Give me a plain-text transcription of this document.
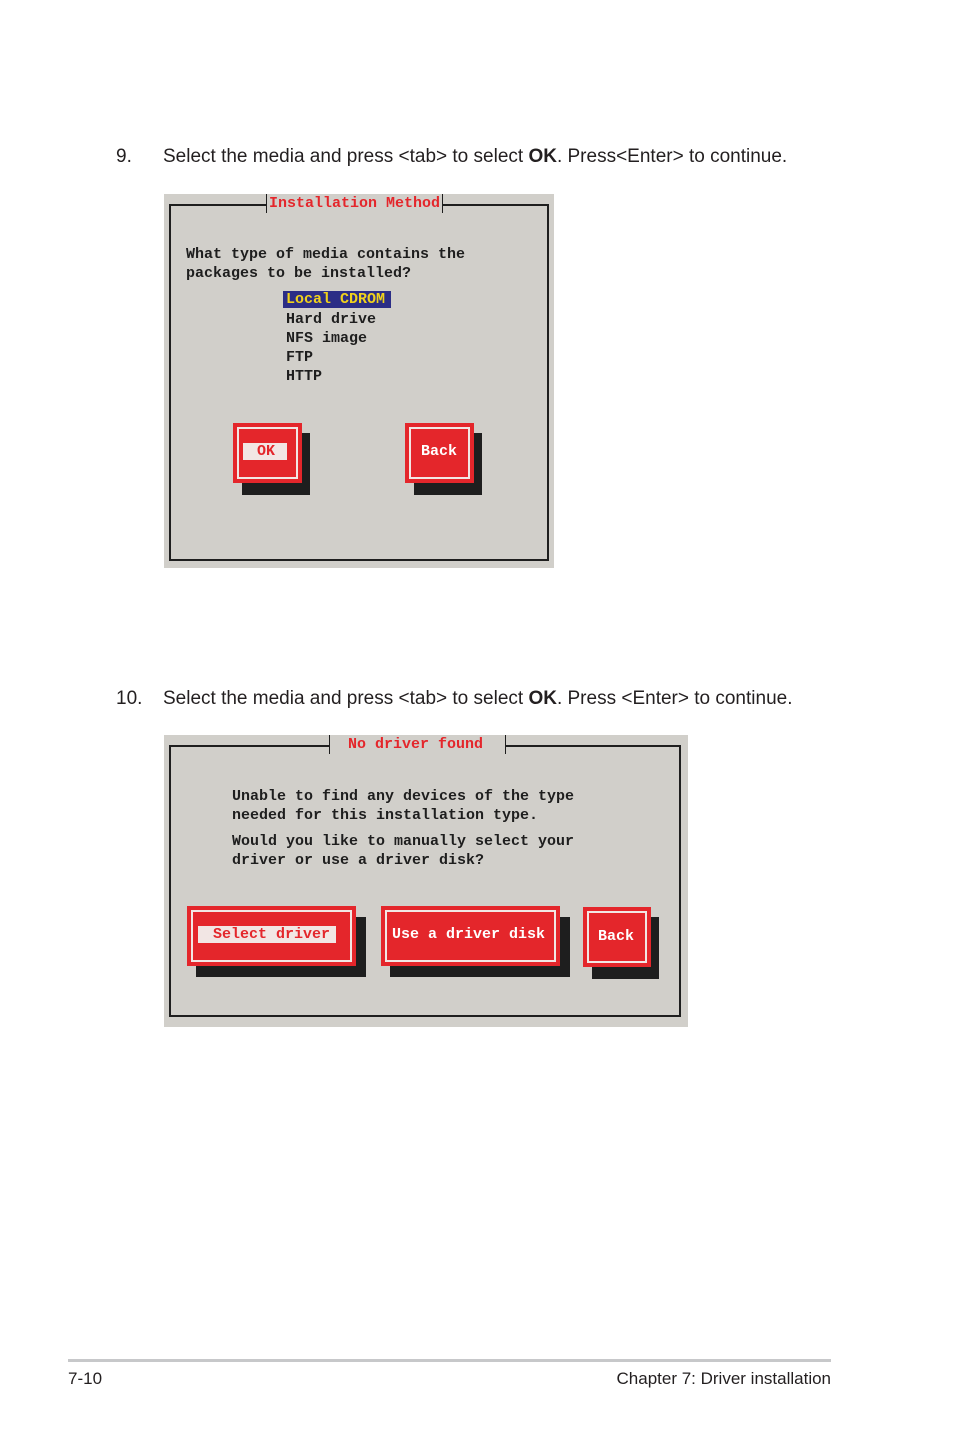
9. Select the media and press <tab> to select OK. Press<Enter> to continue.
Installation Method
What type of media contains the
packages to be installed?
Local CDROM
Hard drive
NFS image
FTP
HTTP
OK	Back
10. Select the media and press <tab> to select OK. Press <Enter> to continue.
No driver found
Unable to find any devices of the type
needed for this installation type.
Would you like to manually select your
driver or use a driver disk?
Select driver	Use a driver disk	Back
7-10	Chapter 7: Driver installation
